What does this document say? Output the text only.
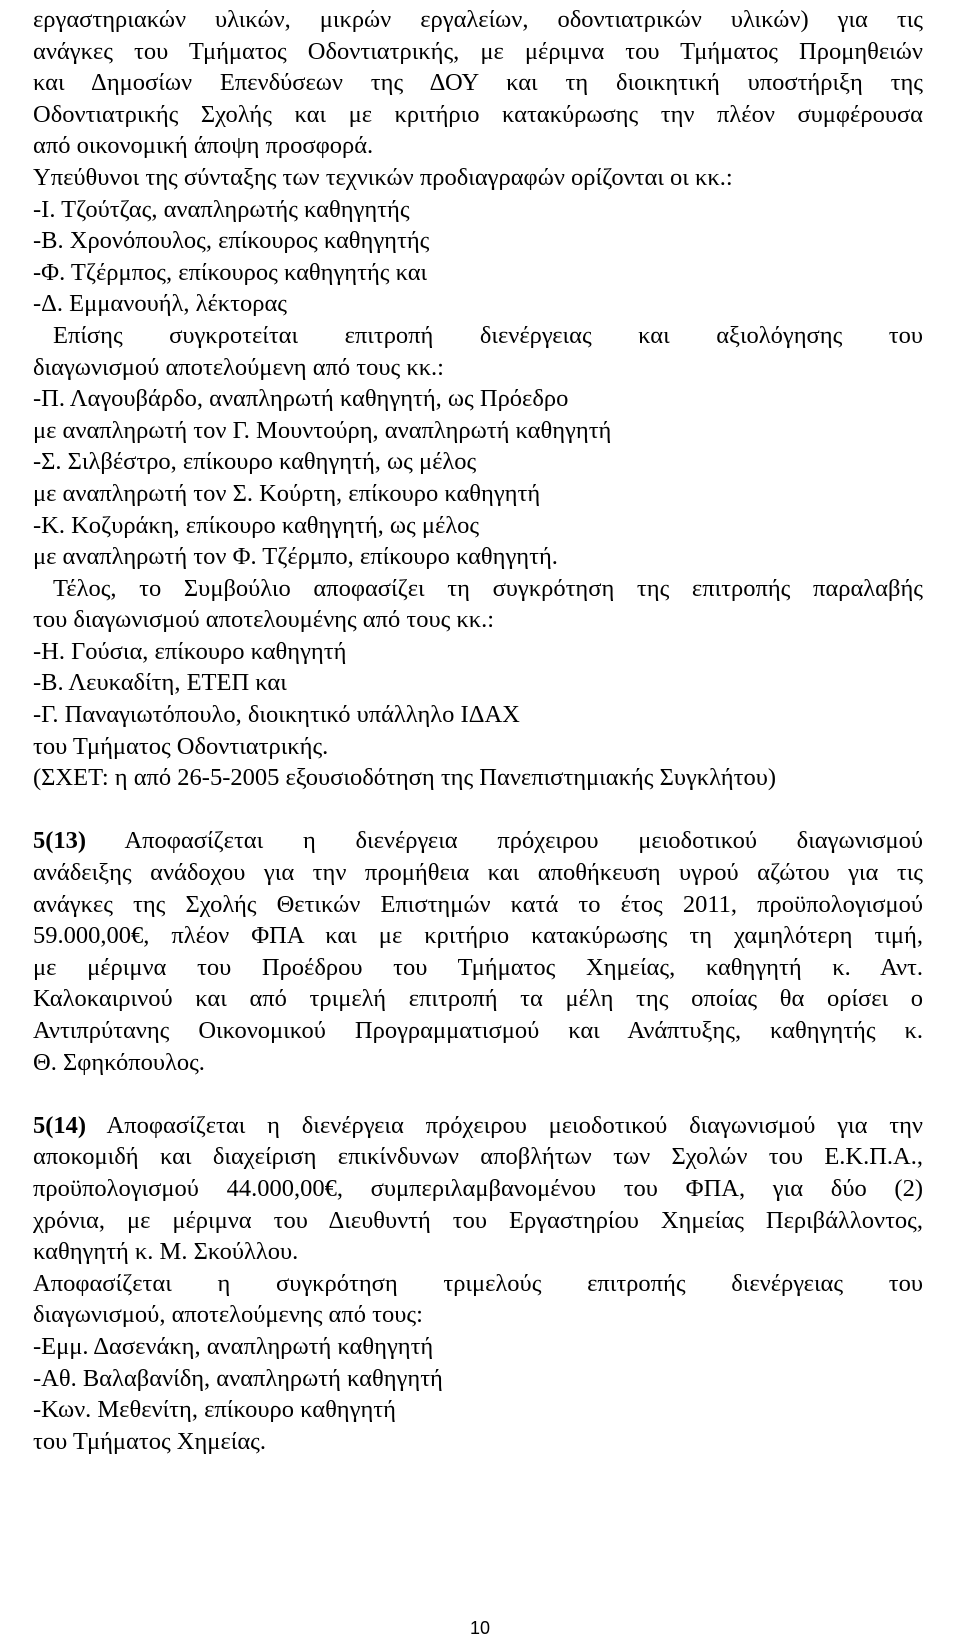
εργαστηριακών υλικών, μικρών εργαλείων, οδοντιατρικών υλικών) για τις
ανάγκες του Τμήματος Οδοντιατρικής, με μέριμνα του Τμήματος Προμηθειών
και Δημοσίων Επενδύσεων της ΔΟΥ και τη διοικητική υποστήριξη της
Οδοντιατρικής Σχολής και με κριτήριο κατακύρωσης την πλέον συμφέρουσα
από οικονομική άποψη προσφορά.
Υπεύθυνοι της σύνταξης των τεχνικών προδιαγραφών ορίζονται οι κκ.:
-Ι. Τζούτζας, αναπληρωτής καθηγητής
-Β. Χρονόπουλος, επίκουρος καθηγητής
-Φ. Τζέρμπος, επίκουρος καθηγητής και
-Δ. Εμμανουήλ, λέκτορας
Επίσης συγκροτείται επιτροπή διενέργειας και αξιολόγησης του
διαγωνισμού αποτελούμενη από τους κκ.:
-Π. Λαγουβάρδο, αναπληρωτή καθηγητή, ως Πρόεδρο
με αναπληρωτή τον Γ. Μουντούρη, αναπληρωτή καθηγητή
-Σ. Σιλβέστρο, επίκουρο καθηγητή, ως μέλος
με αναπληρωτή τον Σ. Κούρτη, επίκουρο καθηγητή
-Κ. Κοζυράκη, επίκουρο καθηγητή, ως μέλος
με αναπληρωτή τον Φ. Τζέρμπο, επίκουρο καθηγητή.
Τέλος, το Συμβούλιο αποφασίζει τη συγκρότηση της επιτροπής παραλαβής
του διαγωνισμού αποτελουμένης από τους κκ.:
-Η. Γούσια, επίκουρο καθηγητή
-Β. Λευκαδίτη, ΕΤΕΠ και
-Γ. Παναγιωτόπουλο, διοικητικό υπάλληλο ΙΔΑΧ
του Τμήματος Οδοντιατρικής.
(ΣΧΕΤ: η από 26-5-2005 εξουσιοδότηση της Πανεπιστημιακής Συγκλήτου)
5(13) Αποφασίζεται η διενέργεια πρόχειρου μειοδοτικού διαγωνισμού
ανάδειξης ανάδοχου για την προμήθεια και αποθήκευση υγρού αζώτου για τις
ανάγκες της Σχολής Θετικών Επιστημών κατά το έτος 2011, προϋπολογισμού
59.000,00€, πλέον ΦΠΑ και με κριτήριο κατακύρωσης τη χαμηλότερη τιμή,
με μέριμνα του Προέδρου του Τμήματος Χημείας, καθηγητή κ. Αντ.
Καλοκαιρινού και από τριμελή επιτροπή τα μέλη της οποίας θα ορίσει ο
Αντιπρύτανης Οικονομικού Προγραμματισμού και Ανάπτυξης, καθηγητής κ.
Θ. Σφηκόπουλος.
5(14) Αποφασίζεται η διενέργεια πρόχειρου μειοδοτικού διαγωνισμού για την
αποκομιδή και διαχείριση επικίνδυνων αποβλήτων των Σχολών του Ε.Κ.Π.Α.,
προϋπολογισμού 44.000,00€, συμπεριλαμβανομένου του ΦΠΑ, για δύο (2)
χρόνια, με μέριμνα του Διευθυντή του Εργαστηρίου Χημείας Περιβάλλοντος,
καθηγητή κ. Μ. Σκούλλου.
Αποφασίζεται η συγκρότηση τριμελούς επιτροπής διενέργειας του
διαγωνισμού, αποτελούμενης από τους:
-Εμμ. Δασενάκη, αναπληρωτή καθηγητή
-Αθ. Βαλαβανίδη, αναπληρωτή καθηγητή
-Κων. Μεθενίτη, επίκουρο καθηγητή
του Τμήματος Χημείας.
10
